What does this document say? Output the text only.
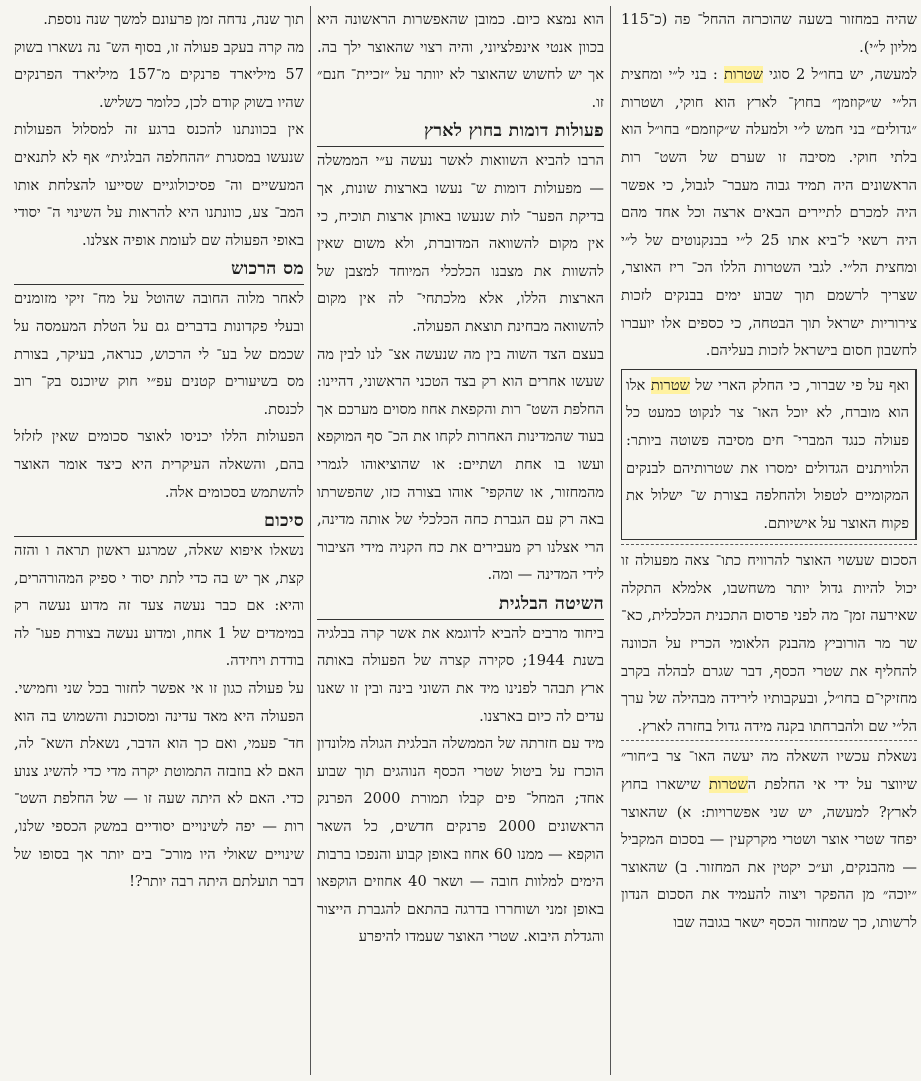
שהיה במחזור בשעה שהוכרזה ההחל־ פה (כ־115 מליון ל״י).

למעשה, יש בחו״ל 2 סוגי שטרות : בני ל״י ומחצית הל״י ש״קוזמן״ בחוץ־ לארץ הוא חוקי, ושטרות ״גדולים״ בני חמש ל״י ולמעלה ש״קוזמם״ בחו״ל הוא בלתי חוקי. מסיבה זו שערם של השט־ רות הראשונים היה תמיד גבוה מעבר־ לגבול, כי אפשר היה למכרם לתיירים הבאים ארצה וכל אחד מהם היה רשאי ל־ביא אתו 25 ל״י בבנקנוטים של ל״י ומחצית הל״י. לגבי השטרות הללו הכ־ ריז האוצר, שצריך לרשמם תוך שבוע ימים בבנקים לזכות צירוריות ישראל תוך הבטחה, כי כספים אלו יועברו לחשבון חסום בישראל לזכות בעליהם.

ואף על פי שברור, כי החלק הארי של שטרות אלו הוא מוברח, לא יוכל האו־ צר לנקוט כמעט כל פעולה כנגד המברי־ חים מסיבה פשוטה ביותר: הלוויתנים הגדולים ימסרו את שטרותיהם לבנקים המקומיים לטפול ולהחלפה בצורת ש־ ישלול את פקוח האוצר על אישיותם.

הסכום שעשוי האוצר להרוויח כתו־ צאה מפעולה זו יכול להיות גדול יותר משחשבו, אלמלא התקלה שאירעה זמן־ מה לפני פרסום התכנית הכלכלית, כא־ שר מר הורוביץ מהבנק הלאומי הכריז על הכוונה להחליף את שטרי הכסף, דבר שגרם לבהלה בקרב מחזיקי־ם בחו״ל, ובעקבותיו לירידה מבהילה של ערך הל״י שם ולהברחתו בקנה מידה גדול בחזרה לארץ.

נשאלת עכשיו השאלה מה יעשה האו־ צר ב״חור״ שיווצר על ידי אי החלפת השטרות שישארו בחוץ לארץ? למעשה, יש שני אפשרויות: א) שהאוצר יפחד שטרי אוצר ושטרי מקרקעין — בסכום המקביל — מהבנקים, וע״כ יקטין את המחזור. ב) שהאוצר ״יוכה״ מן ההפקר ויצוה להעמיד את הסכום הנדון לרשותו, כך שמחזור הכסף ישאר בגובה שבו

הוא נמצא כיום. כמובן שהאפשרות הראשונה היא בכוון אנטי אינפלציוני, והיה רצוי שהאוצר ילך בה. אך יש לחשוש שהאוצר לא יוותר על ״זכיית־ חנם״ זו.

פעולות דומות בחוץ לארץ

הרבו להביא השוואות לאשר נעשה ע״י הממשלה — מפעולות דומות ש־ נעשו בארצות שונות, אך בדיקת הפער־ לות שנעשו באותן ארצות תוכיח, כי אין מקום להשוואה המדוברת, ולא משום שאין להשוות את מצבנו הכלכלי המיוחד למצבן של הארצות הללו, אלא מלכתחי־ לה אין מקום להשוואה מבחינת תוצאת הפעולה.

בעצם הצד השוה בין מה שנעשה אצ־ לנו לבין מה שעשו אחרים הוא רק בצד הטכני הראשוני, דהיינו: החלפת השט־ רות והקפאת אחוז מסוים מערכם אך בעוד שהמדינות האחרות לקחו את הכ־ סף המוקפא ועשו בו אחת ושתיים: או שהוציאוהו לגמרי מהמחזור, או שהקפי־ אוהו בצורה כזו, שהפשרתו באה רק עם הגברת כחה הכלכלי של אותה מדינה, הרי אצלנו רק מעבירים את כח הקניה מידי הציבור לידי המדינה — ומה.

השיטה הבלגית

ביחוד מרבים להביא לדוגמא את אשר קרה בבלגיה בשנת 1944; סקירה קצרה של הפעולה באותה ארץ תבהר לפנינו מיד את השוני בינה ובין זו שאנו עדים לה כיום בארצנו.

מיד עם חזרתה של הממשלה הבלגית הגולה מלונדון הוכרז על ביטול שטרי הכסף הנוהגים תוך שבוע אחד; המחל־ פים קבלו תמורת 2000 הפרנק הראשונים 2000 פרנקים חדשים, כל השאר הוקפא — ממנו 60 אחוז באופן קבוע והנפכו ברבות הימים למלוות חובה — ושאר 40 אחוזים הוקפאו באופן זמני ושוחררו בדרגה בהתאם להגברת הייצור והגדלת היבוא. שטרי האוצר שעמדו להיפרע

תוך שנה, נדחה זמן פרעונם למשך שנה נוספת.

מה קרה בעקב פעולה זו, בסוף הש־ נה נשארו בשוק 57 מיליארד פרנקים מ־157 מיליארד הפרנקים שהיו בשוק קודם לכן, כלומר כשליש.

אין בכוונתנו להכנס ברגע זה למסלול הפעולות שנעשו במסגרת ״ההחלפה הבלגית״ אף לא לתנאים המעשיים וה־ פסיכולוגיים שסייעו להצלחת אותו המב־ צע, כוונתנו היא להראות על השינוי ה־ יסודי באופי הפעולה שם לעומת אופיה אצלנו.

מס הרכוש

לאחר מלוה החובה שהוטל על מח־ זיקי מזומנים ובעלי פקדונות בדברים גם על הטלת המעמסה על שכמם של בע־ לי הרכוש, כנראה, בעיקר, בצורת מס בשיעורים קטנים עפ״י חוק שיוכנס בק־ רוב לכנסת.

הפעולות הללו יכניסו לאוצר סכומים שאין לזלזל בהם, והשאלה העיקרית היא כיצד אומר האוצר להשתמש בסכומים אלה.

סיכום

נשאלו איפוא שאלה, שמרגע ראשון תראה ו והזה קצת, אך יש בה כדי לתת יסוד י ספיק המהורהרים, והיא: אם כבר נעשה צעד זה מדוע נעשה רק במימדים של 1 אחוז, ומדוע נעשה בצורת פעו־ לה בודדת ויחידה.

על פעולה כגון זו אי אפשר לחזור בכל שני וחמישי. הפעולה היא מאד עדינה ומסוכנת והשמוש בה הוא חד־ פעמי, ואם כך הוא הדבר, נשאלת השא־ לה, האם לא בוזבזה התמוטת יקרה מדי כדי להשיג צנוע כדי. האם לא היתה שעה זו — של החלפת השט־ רות — יפה לשינויים יסודיים במשק הכספי שלנו, שינויים שאולי היו מורכ־ בים יותר אך בסופו של דבר תועלתם היתה רבה יותר?!
